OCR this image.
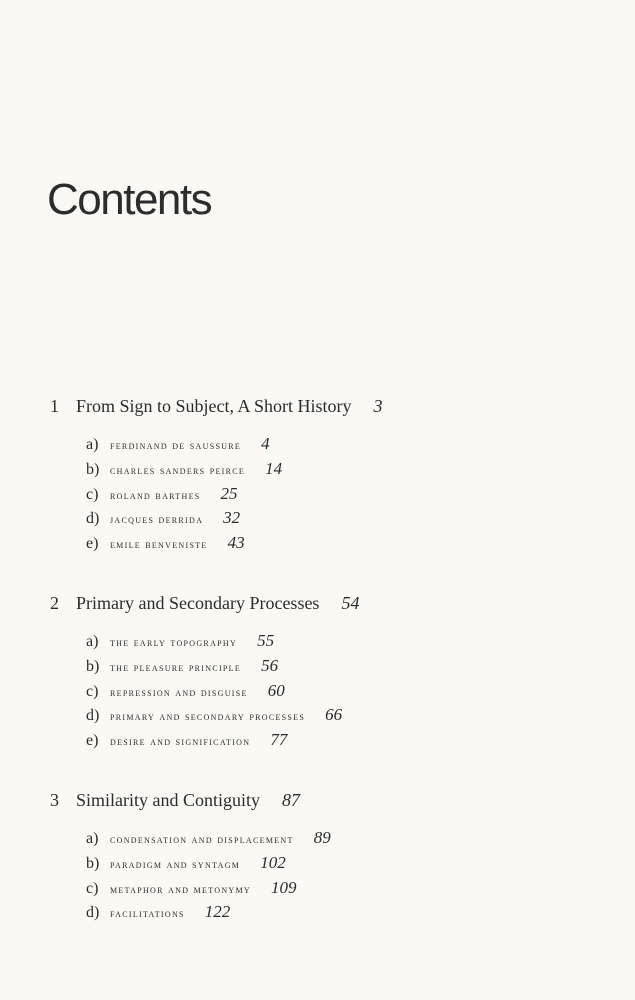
Contents
1 From Sign to Subject, A Short History 3
a) ferdinand de saussure 4
b) charles sanders peirce 14
c) roland barthes 25
d) jacques derrida 32
e) emile benveniste 43
2 Primary and Secondary Processes 54
a) the early topography 55
b) the pleasure principle 56
c) repression and disguise 60
d) primary and secondary processes 66
e) desire and signification 77
3 Similarity and Contiguity 87
a) condensation and displacement 89
b) paradigm and syntagm 102
c) metaphor and metonymy 109
d) facilitations 122
